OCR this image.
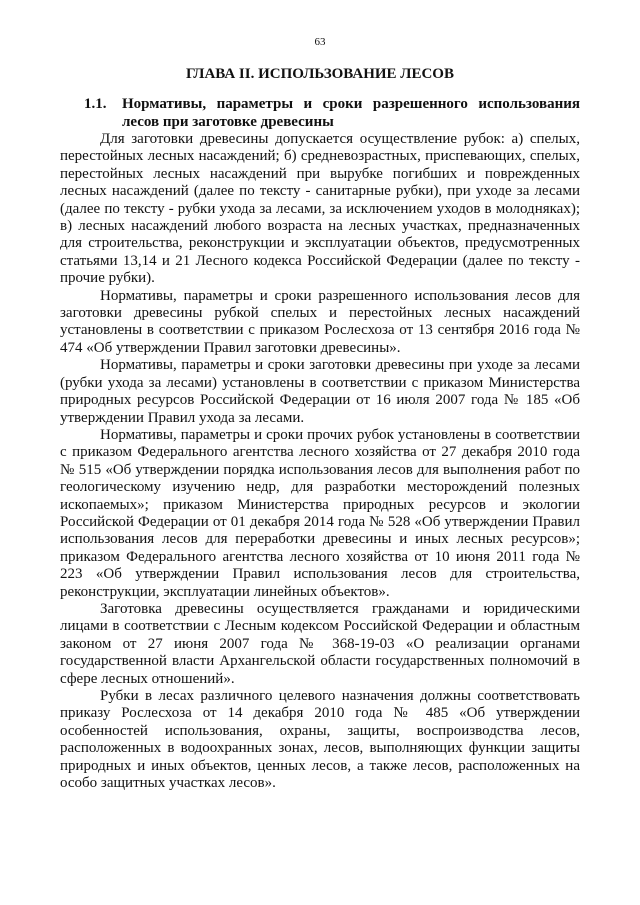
63
ГЛАВА II. ИСПОЛЬЗОВАНИЕ ЛЕСОВ
1.1.	Нормативы, параметры и сроки разрешенного использования лесов при заготовке древесины

Для заготовки древесины допускается осуществление рубок: а) спелых, перестойных лесных насаждений; б) средневозрастных, приспевающих, спелых, перестойных лесных насаждений при вырубке погибших и поврежденных лесных насаждений (далее по тексту - санитарные рубки), при уходе за лесами (далее по тексту - рубки ухода за лесами, за исключением уходов в молодняках); в) лесных насаждений любого возраста на лесных участках, предназначенных для строительства, реконструкции и эксплуатации объектов, предусмотренных статьями 13,14 и 21 Лесного кодекса Российской Федерации (далее по тексту - прочие рубки).

Нормативы, параметры и сроки разрешенного использования лесов для заготовки древесины рубкой спелых и перестойных лесных насаждений установлены в соответствии с приказом Рослесхоза от 13 сентября 2016 года № 474 «Об утверждении Правил заготовки древесины».

Нормативы, параметры и сроки заготовки древесины при уходе за лесами (рубки ухода за лесами) установлены в соответствии с приказом Министерства природных ресурсов Российской Федерации от 16 июля 2007 года № 185 «Об утверждении Правил ухода за лесами.

Нормативы, параметры и сроки прочих рубок установлены в соответствии с приказом Федерального агентства лесного хозяйства от 27 декабря 2010 года № 515 «Об утверждении порядка использования лесов для выполнения работ по геологическому изучению недр, для разработки месторождений полезных ископаемых»; приказом Министерства природных ресурсов и экологии Российской Федерации от 01 декабря 2014 года № 528 «Об утверждении Правил использования лесов для переработки древесины и иных лесных ресурсов»; приказом Федерального агентства лесного хозяйства от 10 июня 2011 года № 223 «Об утверждении Правил использования лесов для строительства, реконструкции, эксплуатации линейных объектов».

Заготовка древесины осуществляется гражданами и юридическими лицами в соответствии с Лесным кодексом Российской Федерации и областным законом от 27 июня 2007 года № 368-19-03 «О реализации органами государственной власти Архангельской области государственных полномочий в сфере лесных отношений».

Рубки в лесах различного целевого назначения должны соответствовать приказу Рослесхоза от 14 декабря 2010 года № 485 «Об утверждении особенностей использования, охраны, защиты, воспроизводства лесов, расположенных в водоохранных зонах, лесов, выполняющих функции защиты природных и иных объектов, ценных лесов, а также лесов, расположенных на особо защитных участках лесов».
